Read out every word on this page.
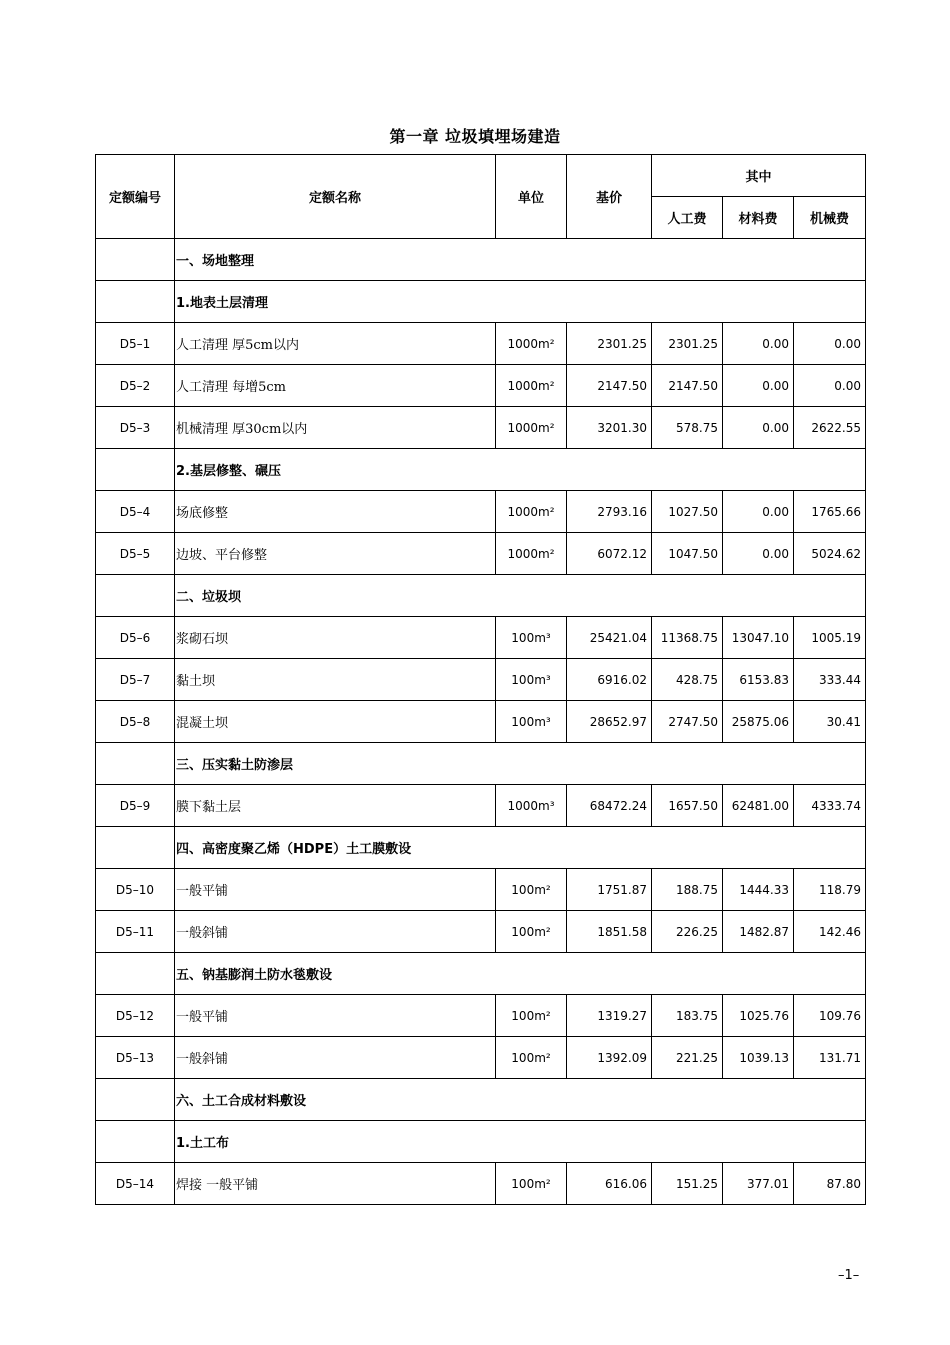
第一章 垃圾填埋场建造
定额编号	定额名称	单位	基价	其中		
				人工费	材料费	机械费
	一、场地整理					
	1.地表土层清理					
D5–1	人工清理 厚5cm以内	1000m²	2301.25	2301.25	0.00	0.00
D5–2	人工清理 每增5cm	1000m²	2147.50	2147.50	0.00	0.00
D5–3	机械清理 厚30cm以内	1000m²	3201.30	578.75	0.00	2622.55
	2.基层修整、碾压					
D5–4	场底修整	1000m²	2793.16	1027.50	0.00	1765.66
D5–5	边坡、平台修整	1000m²	6072.12	1047.50	0.00	5024.62
	二、垃圾坝					
D5–6	浆砌石坝	100m³	25421.04	11368.75	13047.10	1005.19
D5–7	黏土坝	100m³	6916.02	428.75	6153.83	333.44
D5–8	混凝土坝	100m³	28652.97	2747.50	25875.06	30.41
	三、压实黏土防渗层					
D5–9	膜下黏土层	1000m³	68472.24	1657.50	62481.00	4333.74
	四、高密度聚乙烯（HDPE）土工膜敷设					
D5–10	一般平铺	100m²	1751.87	188.75	1444.33	118.79
D5–11	一般斜铺	100m²	1851.58	226.25	1482.87	142.46
	五、钠基膨润土防水毯敷设					
D5–12	一般平铺	100m²	1319.27	183.75	1025.76	109.76
D5–13	一般斜铺	100m²	1392.09	221.25	1039.13	131.71
	六、土工合成材料敷设					
	1.土工布					
D5–14	焊接 一般平铺	100m²	616.06	151.25	377.01	87.80
–1–
